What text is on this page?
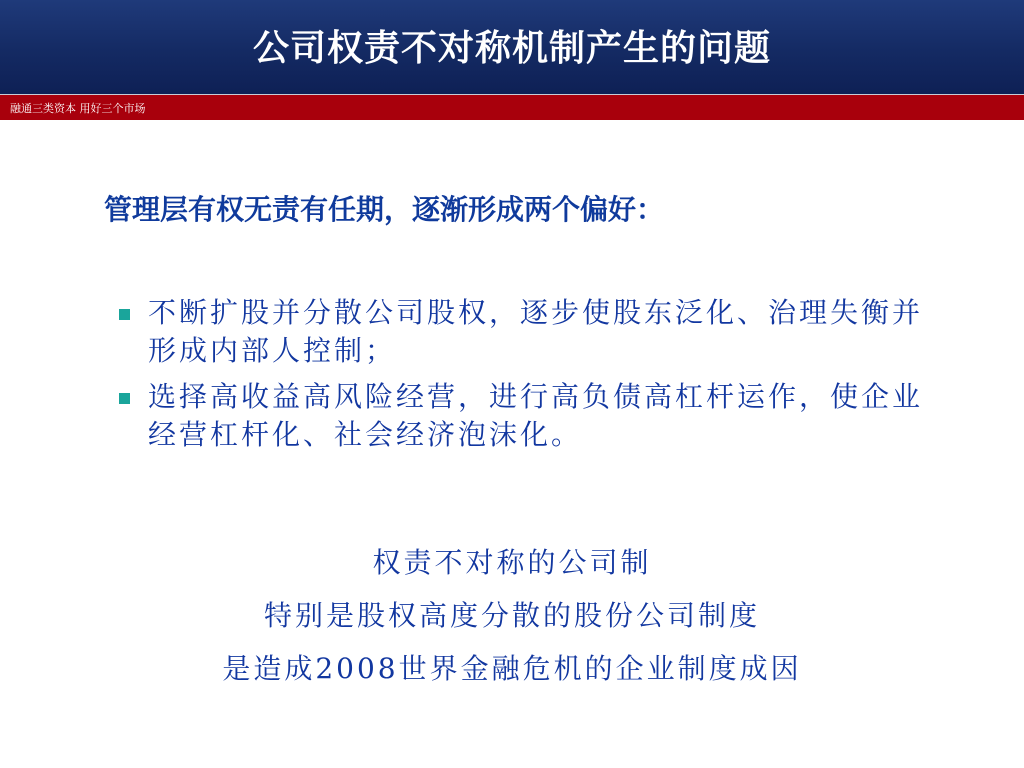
公司权责不对称机制产生的问题
融通三类资本 用好三个市场
管理层有权无责有任期，逐渐形成两个偏好：
不断扩股并分散公司股权，逐步使股东泛化、治理失衡并形成内部人控制；
选择高收益高风险经营，进行高负债高杠杆运作，使企业经营杠杆化、社会经济泡沫化。
权责不对称的公司制
特别是股权高度分散的股份公司制度
是造成2008世界金融危机的企业制度成因
